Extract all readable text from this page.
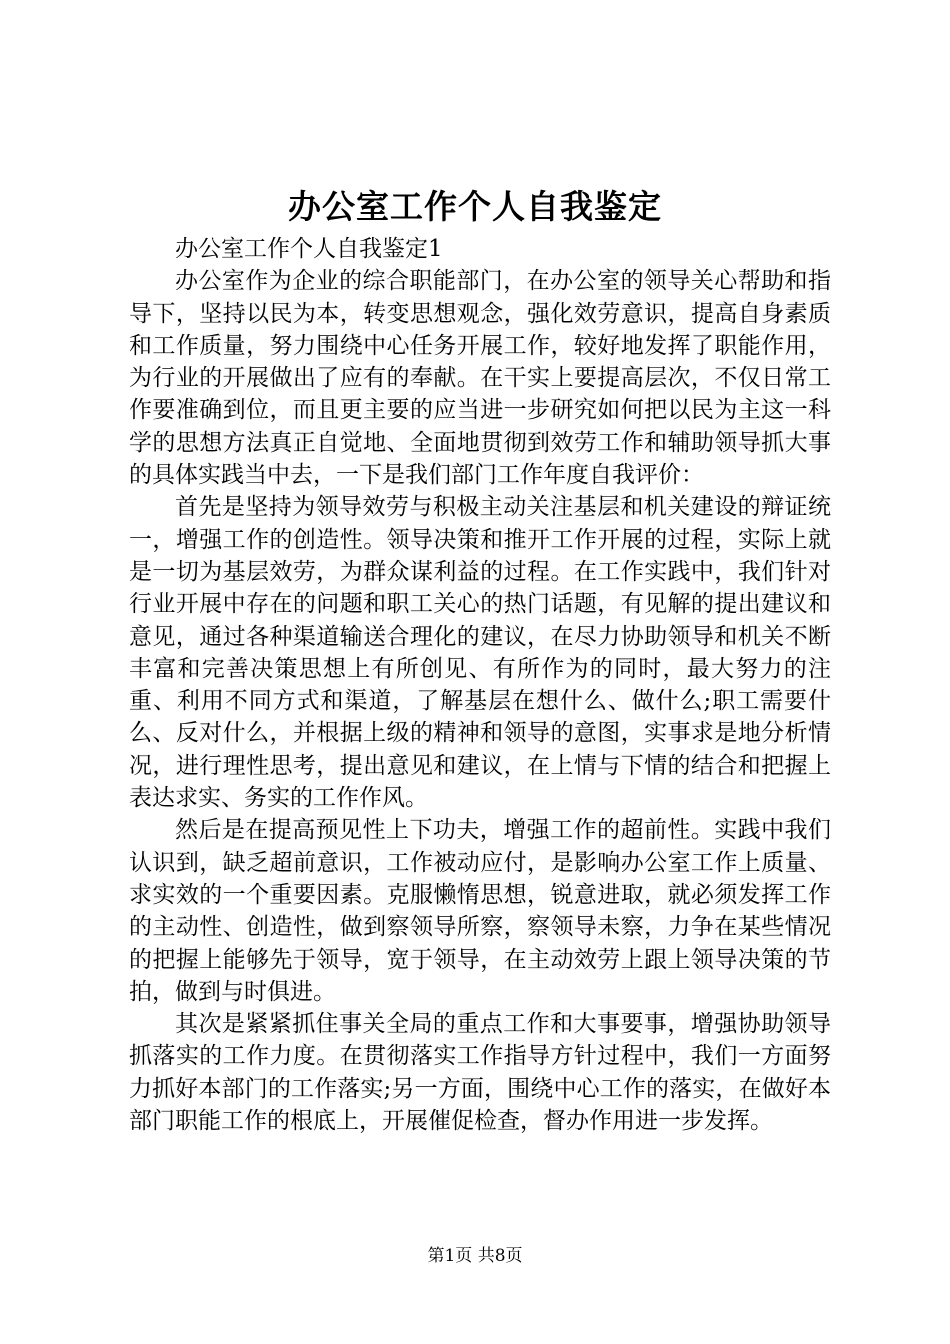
办公室工作个人自我鉴定

办公室工作个人自我鉴定1

办公室作为企业的综合职能部门，在办公室的领导关心帮助和指导下，坚持以民为本，转变思想观念，强化效劳意识，提高自身素质和工作质量，努力围绕中心任务开展工作，较好地发挥了职能作用，为行业的开展做出了应有的奉献。在干实上要提高层次，不仅日常工作要准确到位，而且更主要的应当进一步研究如何把以民为主这一科学的思想方法真正自觉地、全面地贯彻到效劳工作和辅助领导抓大事的具体实践当中去，一下是我们部门工作年度自我评价：

首先是坚持为领导效劳与积极主动关注基层和机关建设的辩证统一，增强工作的创造性。领导决策和推开工作开展的过程，实际上就是一切为基层效劳，为群众谋利益的过程。在工作实践中，我们针对行业开展中存在的问题和职工关心的热门话题，有见解的提出建议和意见，通过各种渠道输送合理化的建议，在尽力协助领导和机关不断丰富和完善决策思想上有所创见、有所作为的同时，最大努力的注重、利用不同方式和渠道，了解基层在想什么、做什么;职工需要什么、反对什么，并根据上级的精神和领导的意图，实事求是地分析情况，进行理性思考，提出意见和建议，在上情与下情的结合和把握上表达求实、务实的工作作风。

然后是在提高预见性上下功夫，增强工作的超前性。实践中我们认识到，缺乏超前意识，工作被动应付，是影响办公室工作上质量、求实效的一个重要因素。克服懒惰思想，锐意进取，就必须发挥工作的主动性、创造性，做到察领导所察，察领导未察，力争在某些情况的把握上能够先于领导，宽于领导，在主动效劳上跟上领导决策的节拍，做到与时俱进。

其次是紧紧抓住事关全局的重点工作和大事要事，增强协助领导抓落实的工作力度。在贯彻落实工作指导方针过程中，我们一方面努力抓好本部门的工作落实;另一方面，围绕中心工作的落实，在做好本部门职能工作的根底上，开展催促检查，督办作用进一步发挥。

第1页 共8页
